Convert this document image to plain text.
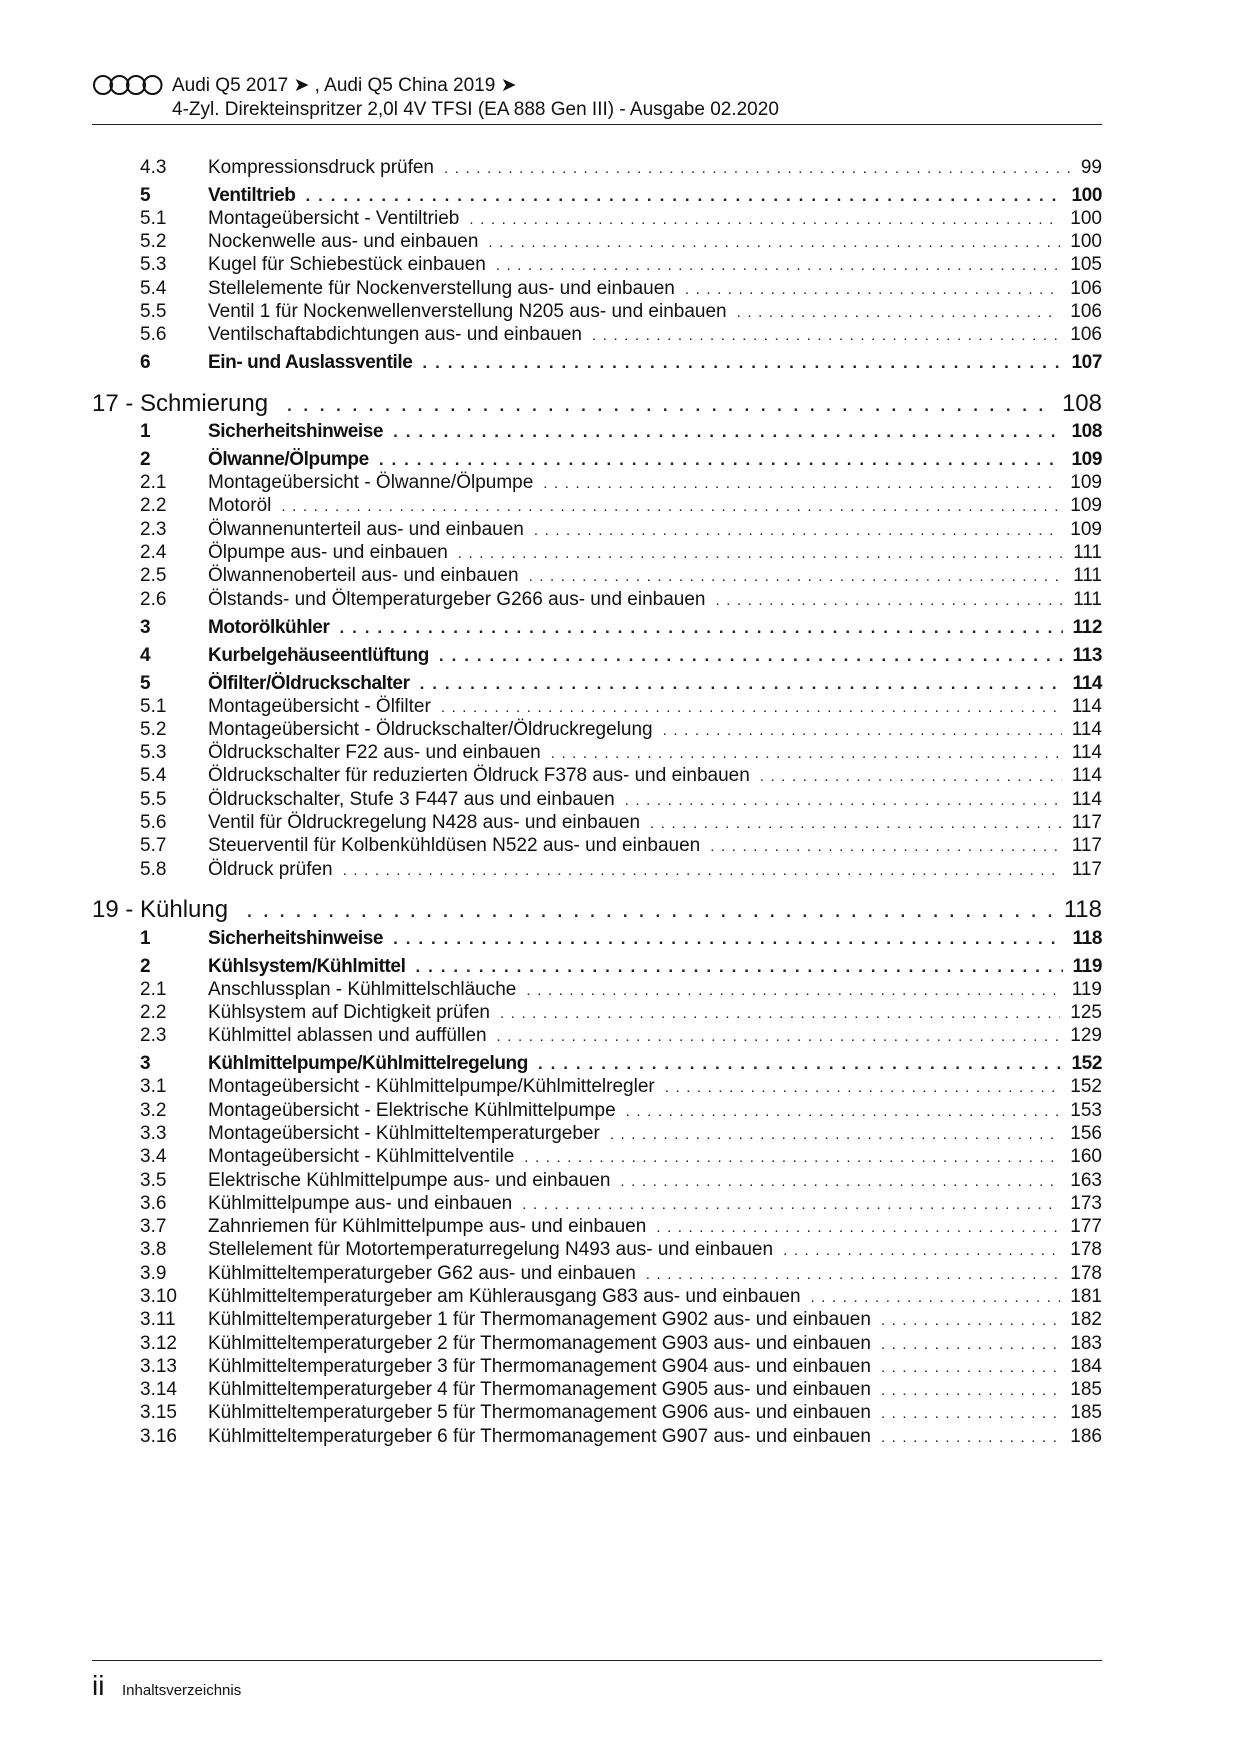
Audi Q5 2017 ➤ , Audi Q5 China 2019 ➤
4-Zyl. Direkteinspritzer 2,0l 4V TFSI (EA 888 Gen III) - Ausgabe 02.2020
4.3	Kompressionsdruck prüfen . . .	99
5	Ventiltrieb . . .	100
5.1	Montageübersicht - Ventiltrieb . . .	100
5.2	Nockenwelle aus- und einbauen . . .	100
5.3	Kugel für Schiebestück einbauen . . .	105
5.4	Stellelemente für Nockenverstellung aus- und einbauen . . .	106
5.5	Ventil 1 für Nockenwellenverstellung N205 aus- und einbauen . . .	106
5.6	Ventilschaftabdichtungen aus- und einbauen . . .	106
6	Ein- und Auslassventile . . .	107
17 - Schmierung . . .	108
1	Sicherheitshinweise . . .	108
2	Ölwanne/Ölpumpe . . .	109
2.1	Montageübersicht - Ölwanne/Ölpumpe . . .	109
2.2	Motoröl . . .	109
2.3	Ölwannenunterteil aus- und einbauen . . .	109
2.4	Ölpumpe aus- und einbauen . . .	111
2.5	Ölwannenoberteil aus- und einbauen . . .	111
2.6	Ölstands- und Öltemperaturgeber G266 aus- und einbauen . . .	111
3	Motorölkühler . . .	112
4	Kurbelgehäuseentlüftung . . .	113
5	Ölfilter/Öldruckschalter . . .	114
5.1	Montageübersicht - Ölfilter . . .	114
5.2	Montageübersicht - Öldruckschalter/Öldruckregelung . . .	114
5.3	Öldruckschalter F22 aus- und einbauen . . .	114
5.4	Öldruckschalter für reduzierten Öldruck F378 aus- und einbauen . . .	114
5.5	Öldruckschalter, Stufe 3 F447 aus und einbauen . . .	114
5.6	Ventil für Öldruckregelung N428 aus- und einbauen . . .	117
5.7	Steuerventil für Kolbenkühldüsen N522 aus- und einbauen . . .	117
5.8	Öldruck prüfen . . .	117
19 - Kühlung . . .	118
1	Sicherheitshinweise . . .	118
2	Kühlsystem/Kühlmittel . . .	119
2.1	Anschlussplan - Kühlmittelschläuche . . .	119
2.2	Kühlsystem auf Dichtigkeit prüfen . . .	125
2.3	Kühlmittel ablassen und auffüllen . . .	129
3	Kühlmittelpumpe/Kühlmittelregelung . . .	152
3.1	Montageübersicht - Kühlmittelpumpe/Kühlmittelregler . . .	152
3.2	Montageübersicht - Elektrische Kühlmittelpumpe . . .	153
3.3	Montageübersicht - Kühlmitteltemperaturgeber . . .	156
3.4	Montageübersicht - Kühlmittelventile . . .	160
3.5	Elektrische Kühlmittelpumpe aus- und einbauen . . .	163
3.6	Kühlmittelpumpe aus- und einbauen . . .	173
3.7	Zahnriemen für Kühlmittelpumpe aus- und einbauen . . .	177
3.8	Stellelement für Motortemperaturregelung N493 aus- und einbauen . . .	178
3.9	Kühlmitteltemperaturgeber G62 aus- und einbauen . . .	178
3.10	Kühlmitteltemperaturgeber am Kühlerausgang G83 aus- und einbauen . . .	181
3.11	Kühlmitteltemperaturgeber 1 für Thermomanagement G902 aus- und einbauen . . .	182
3.12	Kühlmitteltemperaturgeber 2 für Thermomanagement G903 aus- und einbauen . . .	183
3.13	Kühlmitteltemperaturgeber 3 für Thermomanagement G904 aus- und einbauen . . .	184
3.14	Kühlmitteltemperaturgeber 4 für Thermomanagement G905 aus- und einbauen . . .	185
3.15	Kühlmitteltemperaturgeber 5 für Thermomanagement G906 aus- und einbauen . . .	185
3.16	Kühlmitteltemperaturgeber 6 für Thermomanagement G907 aus- und einbauen . . .	186
ii Inhaltsverzeichnis
